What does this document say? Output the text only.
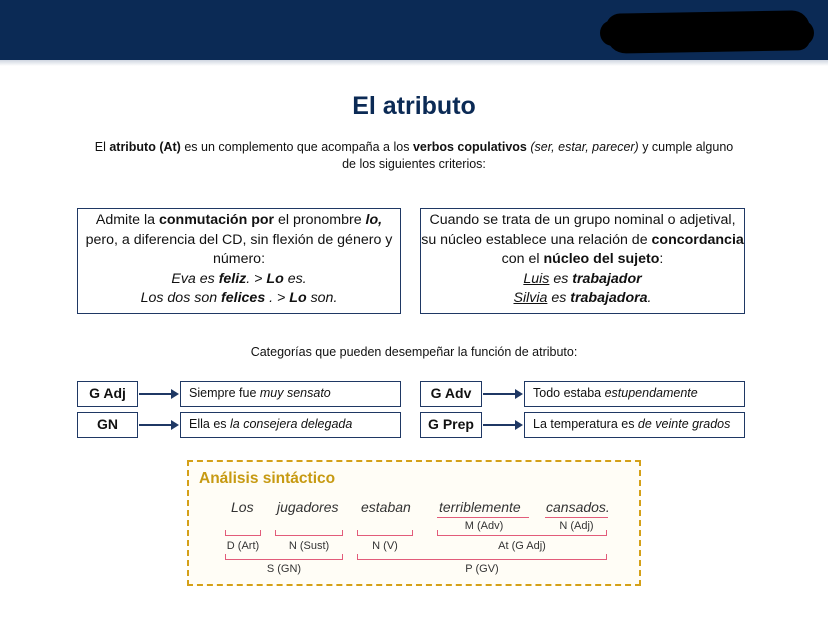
El atributo
El atributo (At) es un complemento que acompaña a los verbos copulativos (ser, estar, parecer) y cumple alguno de los siguientes criterios:
Admite la conmutación por el pronombre lo, pero, a diferencia del CD, sin flexión de género y número:
Eva es feliz. > Lo es.
Los dos son felices . > Lo son.
Cuando se trata de un grupo nominal o adjetival, su núcleo establece una relación de concordancia con el núcleo del sujeto:
Luis es trabajador
Silvia es trabajadora.
Categorías que pueden desempeñar la función de atributo:
G Adj	Siempre fue muy sensato
GN	Ella es la consejera delegada
G Adv	Todo estaba estupendamente
G Prep	La temperatura es de veinte grados
Análisis sintáctico
Los jugadores estaban terriblemente cansados.
M (Adv)	N (Adj)
D (Art)	N (Sust)	N (V)	At (G Adj)
S (GN)	P (GV)
